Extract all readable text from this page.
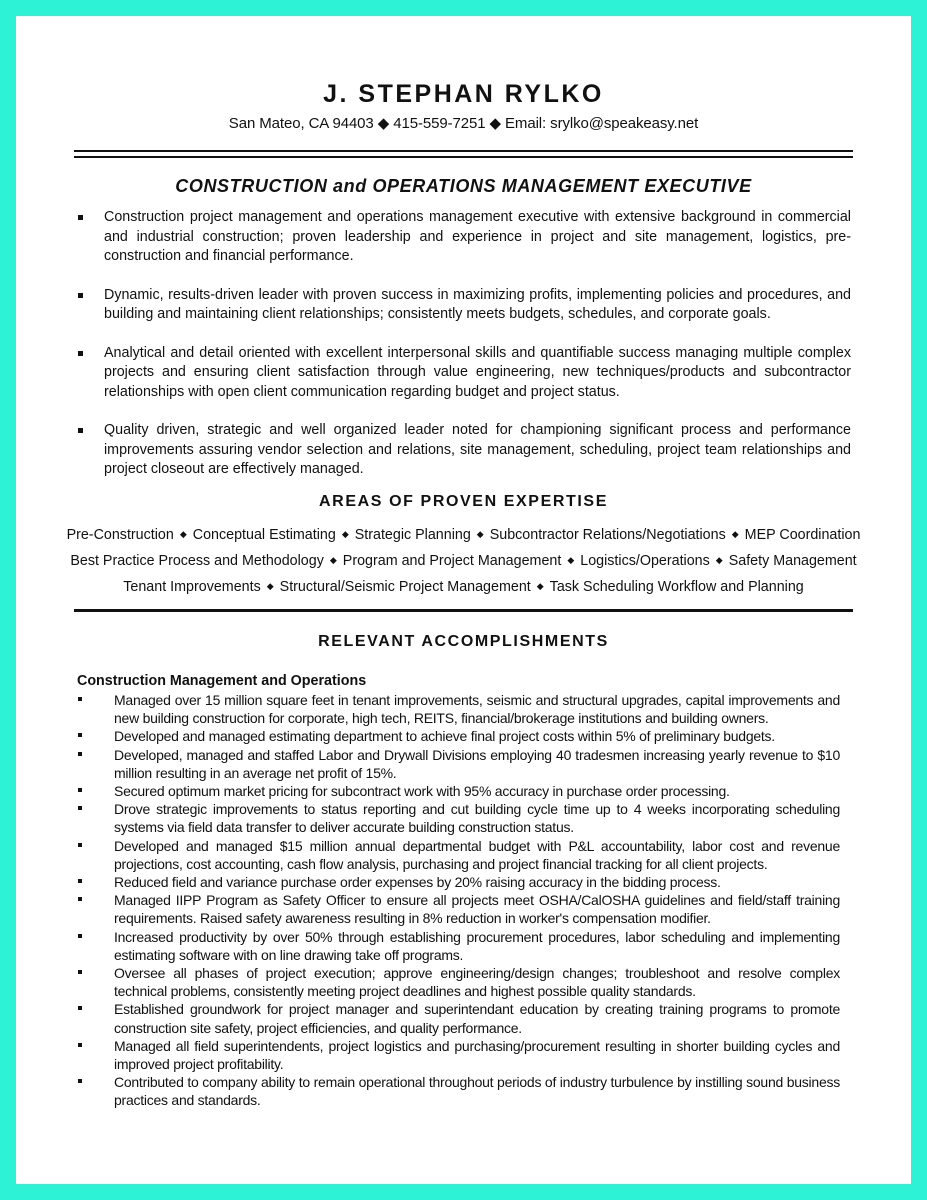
J. STEPHAN RYLKO
San Mateo, CA 94403 ◆ 415-559-7251 ◆ Email: srylko@speakeasy.net
CONSTRUCTION and OPERATIONS MANAGEMENT EXECUTIVE
Construction project management and operations management executive with extensive background in commercial and industrial construction; proven leadership and experience in project and site management, logistics, pre-construction and financial performance.
Dynamic, results-driven leader with proven success in maximizing profits, implementing policies and procedures, and building and maintaining client relationships; consistently meets budgets, schedules, and corporate goals.
Analytical and detail oriented with excellent interpersonal skills and quantifiable success managing multiple complex projects and ensuring client satisfaction through value engineering, new techniques/products and subcontractor relationships with open client communication regarding budget and project status.
Quality driven, strategic and well organized leader noted for championing significant process and performance improvements assuring vendor selection and relations, site management, scheduling, project team relationships and project closeout are effectively managed.
AREAS OF PROVEN EXPERTISE
Pre-Construction ◆ Conceptual Estimating ◆ Strategic Planning ◆ Subcontractor Relations/Negotiations ◆ MEP Coordination
Best Practice Process and Methodology ◆ Program and Project Management ◆ Logistics/Operations ◆ Safety Management
Tenant Improvements ◆ Structural/Seismic Project Management ◆ Task Scheduling Workflow and Planning
RELEVANT ACCOMPLISHMENTS
Construction Management and Operations
Managed over 15 million square feet in tenant improvements, seismic and structural upgrades, capital improvements and new building construction for corporate, high tech, REITS, financial/brokerage institutions and building owners.
Developed and managed estimating department to achieve final project costs within 5% of preliminary budgets.
Developed, managed and staffed Labor and Drywall Divisions employing 40 tradesmen increasing yearly revenue to $10 million resulting in an average net profit of 15%.
Secured optimum market pricing for subcontract work with 95% accuracy in purchase order processing.
Drove strategic improvements to status reporting and cut building cycle time up to 4 weeks incorporating scheduling systems via field data transfer to deliver accurate building construction status.
Developed and managed $15 million annual departmental budget with P&L accountability, labor cost and revenue projections, cost accounting, cash flow analysis, purchasing and project financial tracking for all client projects.
Reduced field and variance purchase order expenses by 20% raising accuracy in the bidding process.
Managed IIPP Program as Safety Officer to ensure all projects meet OSHA/CalOSHA guidelines and field/staff training requirements. Raised safety awareness resulting in 8% reduction in worker's compensation modifier.
Increased productivity by over 50% through establishing procurement procedures, labor scheduling and implementing estimating software with on line drawing take off programs.
Oversee all phases of project execution; approve engineering/design changes; troubleshoot and resolve complex technical problems, consistently meeting project deadlines and highest possible quality standards.
Established groundwork for project manager and superintendant education by creating training programs to promote construction site safety, project efficiencies, and quality performance.
Managed all field superintendents, project logistics and purchasing/procurement resulting in shorter building cycles and improved project profitability.
Contributed to company ability to remain operational throughout periods of industry turbulence by instilling sound business practices and standards.
